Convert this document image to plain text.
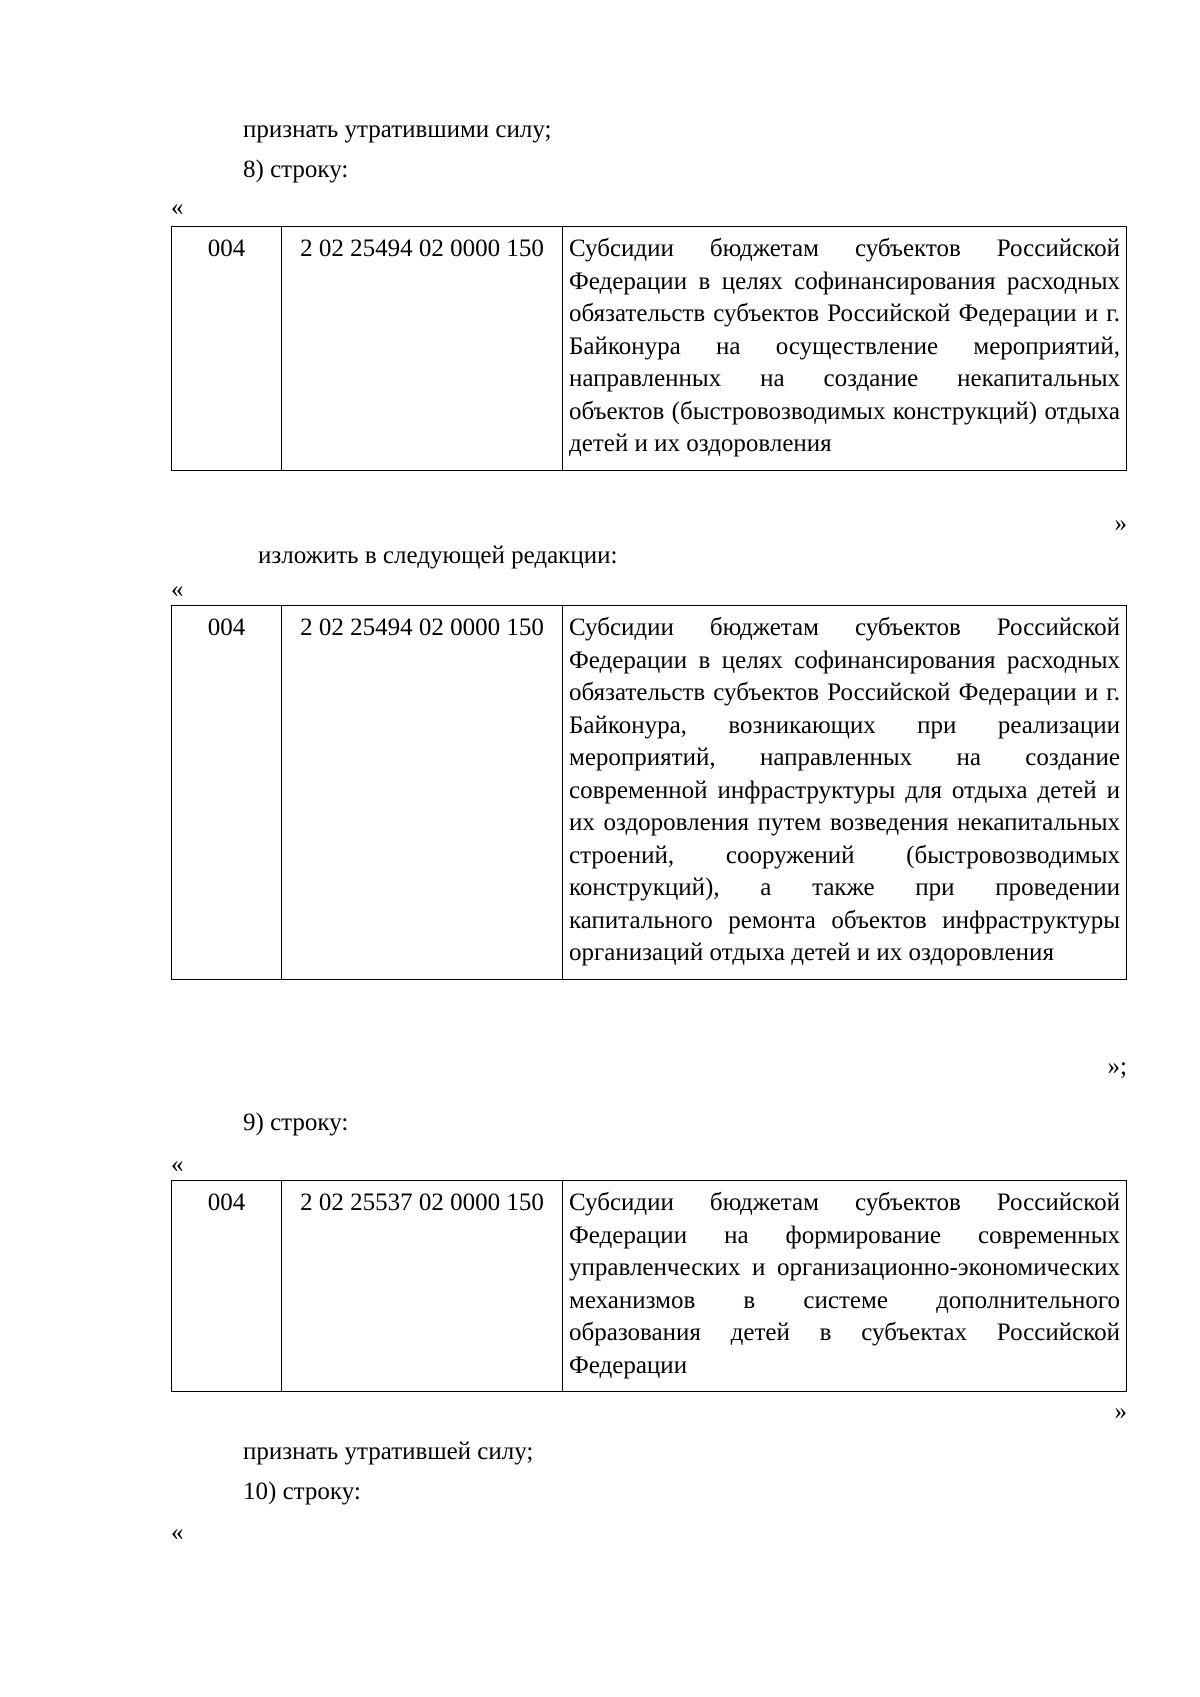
признать утратившими силу;
8) строку:
«
004	2 02 25494 02 0000 150	Субсидии бюджетам субъектов Российской Федерации в целях софинансирования расходных обязательств субъектов Российской Федерации и г. Байконура на осуществление мероприятий, направленных на создание некапитальных объектов (быстровозводимых конструкций) отдыха детей и их оздоровления
»
изложить в следующей редакции:
«
004	2 02 25494 02 0000 150	Субсидии бюджетам субъектов Российской Федерации в целях софинансирования расходных обязательств субъектов Российской Федерации и г. Байконура, возникающих при реализации мероприятий, направленных на создание современной инфраструктуры для отдыха детей и их оздоровления путем возведения некапитальных строений, сооружений (быстровозводимых конструкций), а также при проведении капитального ремонта объектов инфраструктуры организаций отдыха детей и их оздоровления
»;
9) строку:
«
004	2 02 25537 02 0000 150	Субсидии бюджетам субъектов Российской Федерации на формирование современных управленческих и организационно-экономических механизмов в системе дополнительного образования детей в субъектах Российской Федерации
»
признать утратившей силу;
10) строку:
«
